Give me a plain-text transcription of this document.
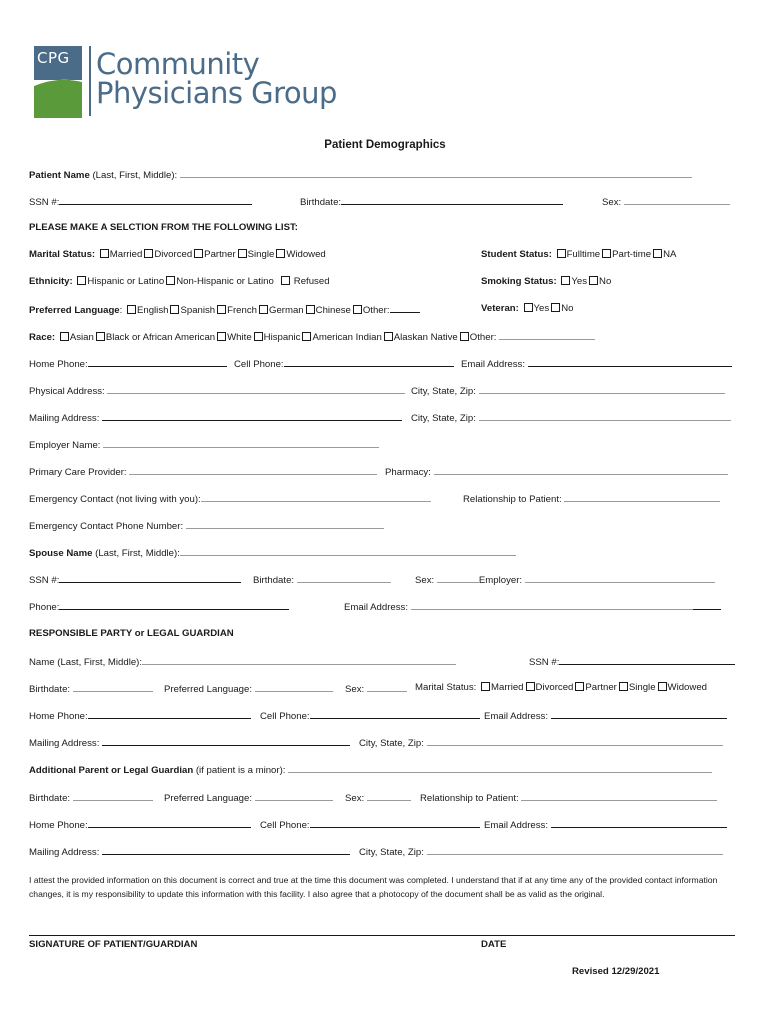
CPG Community
Physicians Group
Patient Demographics
Patient Name (Last, First, Middle):
SSN #:	Birthdate:	Sex:
PLEASE MAKE A SELCTION FROM THE FOLLOWING LIST:
Marital Status: Married Divorced Partner Single Widowed	Student Status: Fulltime Part-time NA
Ethnicity: Hispanic or Latino Non-Hispanic or Latino Refused	Smoking Status: Yes No
Preferred Language: English Spanish French German Chinese Other:	Veteran: Yes No
Race: Asian Black or African American White Hispanic American Indian Alaskan Native Other:
Home Phone:	Cell Phone:	Email Address:
Physical Address:	City, State, Zip:
Mailing Address:	City, State, Zip:
Employer Name:
Primary Care Provider:	Pharmacy:
Emergency Contact (not living with you):	Relationship to Patient:
Emergency Contact Phone Number:
Spouse Name (Last, First, Middle):
SSN #:	Birthdate:	Sex:	Employer:
Phone:	Email Address:
RESPONSIBLE PARTY or LEGAL GUARDIAN
Name (Last, First, Middle):	SSN #:
Birthdate:	Preferred Language:	Sex:	Marital Status: Married Divorced Partner Single Widowed
Home Phone:	Cell Phone:	Email Address:
Mailing Address:	City, State, Zip:
Additional Parent or Legal Guardian (if patient is a minor):
Birthdate:	Preferred Language:	Sex:	Relationship to Patient:
Home Phone:	Cell Phone:	Email Address:
Mailing Address:	City, State, Zip:
I attest the provided information on this document is correct and true at the time this document was completed. I understand that if at any time any of the provided contact information changes, it is my responsibility to update this information with this facility. I also agree that a photocopy of the document shall be as valid as the original.
SIGNATURE OF PATIENT/GUARDIAN	DATE
Revised 12/29/2021
